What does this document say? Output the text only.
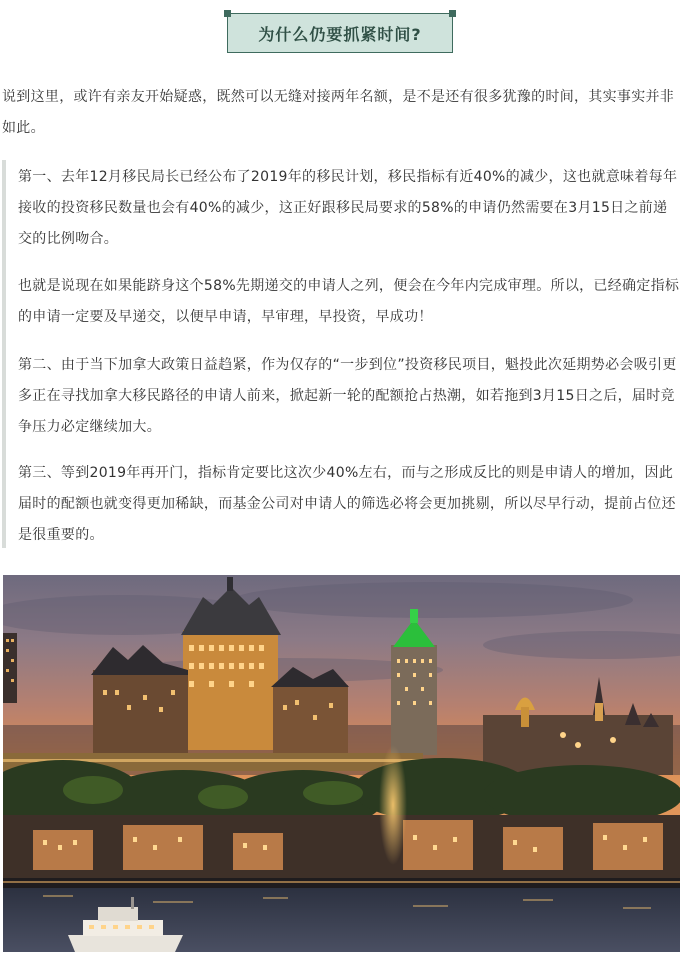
为什么仍要抓紧时间?

说到这里，或许有亲友开始疑惑，既然可以无缝对接两年名额，是不是还有很多犹豫的时间，其实事实并非如此。

第一、去年12月移民局长已经公布了2019年的移民计划，移民指标有近40%的减少，这也就意味着每年接收的投资移民数量也会有40%的减少，这正好跟移民局要求的58%的申请仍然需要在3月15日之前递交的比例吻合。

也就是说现在如果能跻身这个58%先期递交的申请人之列，便会在今年内完成审理。所以，已经确定指标的申请一定要及早递交，以便早申请，早审理，早投资，早成功！

第二、由于当下加拿大政策日益趋紧，作为仅存的“一步到位”投资移民项目，魁投此次延期势必会吸引更多正在寻找加拿大移民路径的申请人前来，掀起新一轮的配额抢占热潮，如若拖到3月15日之后，届时竞争压力必定继续加大。

第三、等到2019年再开门，指标肯定要比这次少40%左右，而与之形成反比的则是申请人的增加，因此届时的配额也就变得更加稀缺，而基金公司对申请人的筛选必将会更加挑剔，所以尽早行动，提前占位还是很重要的。
